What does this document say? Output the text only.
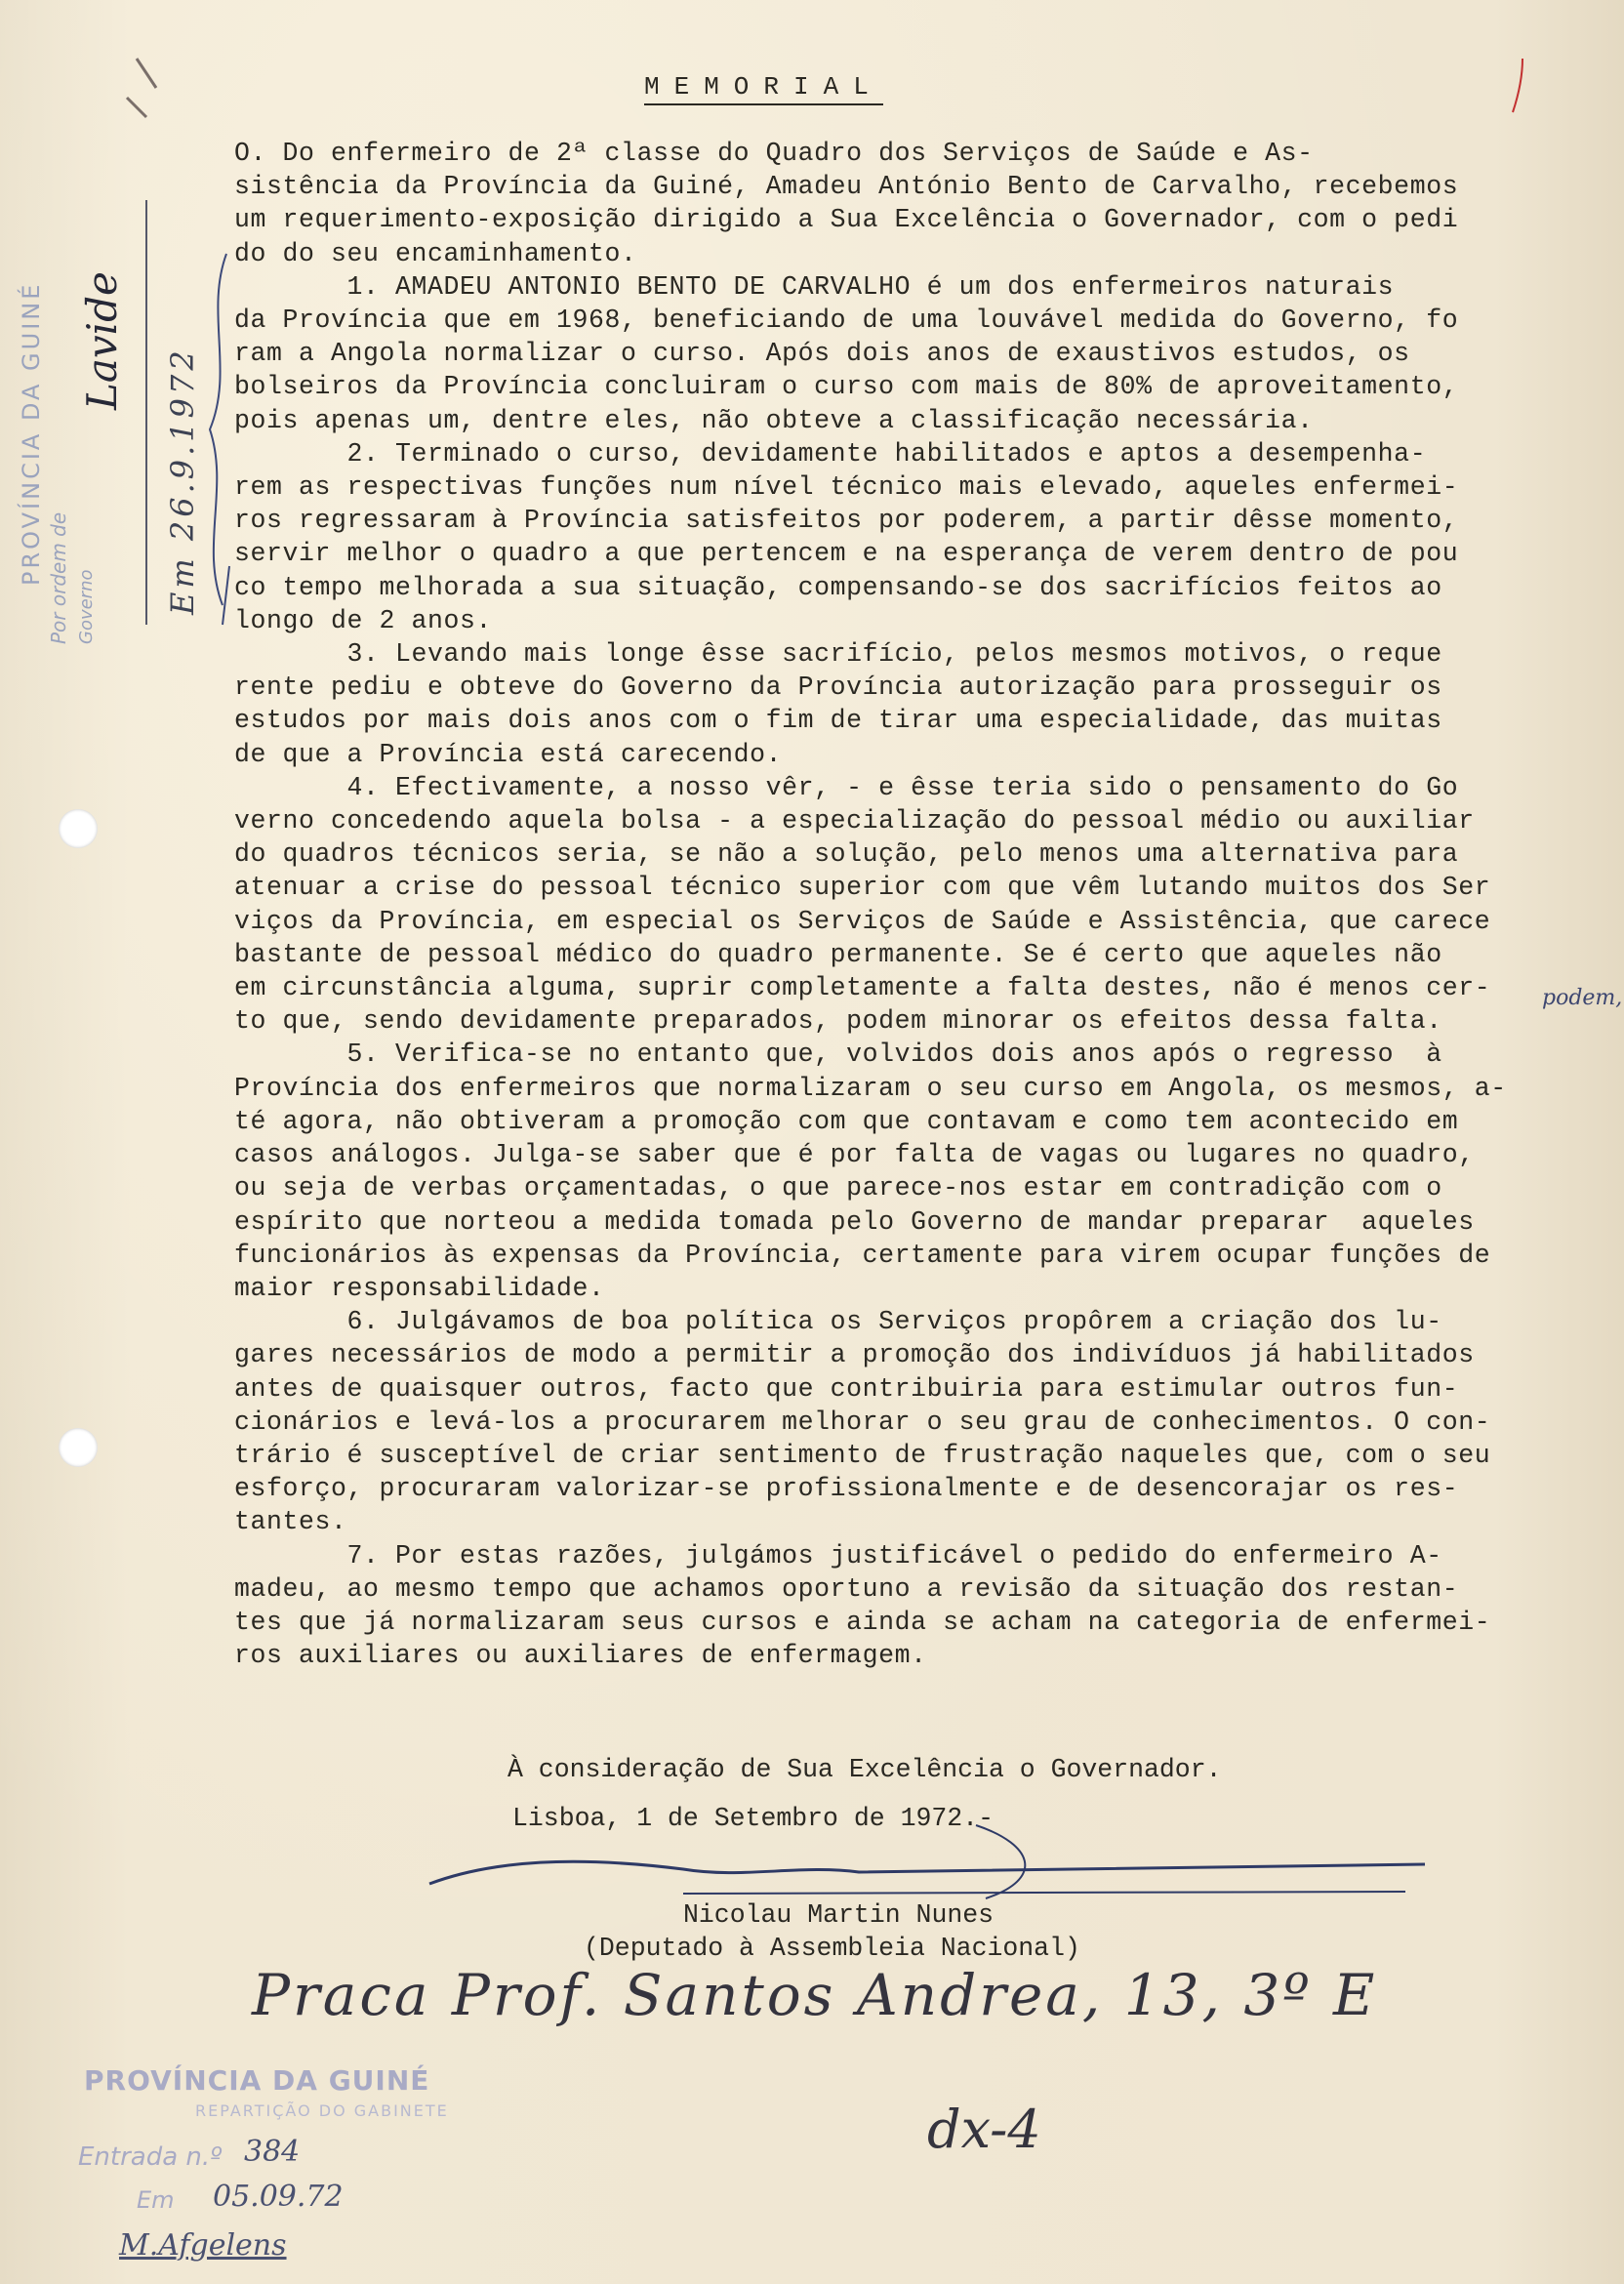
PROVÍNCIA DA GUINÉ Por ordem de Governo
Lavide
Em 26.9.1972
MEMORIAL
O. Do enfermeiro de 2ª classe do Quadro dos Serviços de Saúde e As-
sistência da Província da Guiné, Amadeu António Bento de Carvalho, recebemos
um requerimento-exposição dirigido a Sua Excelência o Governador, com o pedi
do do seu encaminhamento.
1. AMADEU ANTONIO BENTO DE CARVALHO é um dos enfermeiros naturais
da Província que em 1968, beneficiando de uma louvável medida do Governo, fo
ram a Angola normalizar o curso. Após dois anos de exaustivos estudos, os
bolseiros da Província concluiram o curso com mais de 80% de aproveitamento,
pois apenas um, dentre eles, não obteve a classificação necessária.
2. Terminado o curso, devidamente habilitados e aptos a desempenha-
rem as respectivas funções num nível técnico mais elevado, aqueles enfermei-
ros regressaram à Província satisfeitos por poderem, a partir dêsse momento,
servir melhor o quadro a que pertencem e na esperança de verem dentro de pou
co tempo melhorada a sua situação, compensando-se dos sacrifícios feitos ao
longo de 2 anos.
3. Levando mais longe êsse sacrifício, pelos mesmos motivos, o reque
rente pediu e obteve do Governo da Província autorização para prosseguir os
estudos por mais dois anos com o fim de tirar uma especialidade, das muitas
de que a Província está carecendo.
4. Efectivamente, a nosso vêr, - e êsse teria sido o pensamento do Go
verno concedendo aquela bolsa - a especialização do pessoal médio ou auxiliar
do quadros técnicos seria, se não a solução, pelo menos uma alternativa para
atenuar a crise do pessoal técnico superior com que vêm lutando muitos dos Ser
viços da Província, em especial os Serviços de Saúde e Assistência, que carece
bastante de pessoal médico do quadro permanente. Se é certo que aqueles não
em circunstância alguma, suprir completamente a falta destes, não é menos cer-
to que, sendo devidamente preparados, podem minorar os efeitos dessa falta.
5. Verifica-se no entanto que, volvidos dois anos após o regresso  à
Província dos enfermeiros que normalizaram o seu curso em Angola, os mesmos, a-
té agora, não obtiveram a promoção com que contavam e como tem acontecido em
casos análogos. Julga-se saber que é por falta de vagas ou lugares no quadro,
ou seja de verbas orçamentadas, o que parece-nos estar em contradição com o
espírito que norteou a medida tomada pelo Governo de mandar preparar  aqueles
funcionários às expensas da Província, certamente para virem ocupar funções de
maior responsabilidade.
6. Julgávamos de boa política os Serviços propôrem a criação dos lu-
gares necessários de modo a permitir a promoção dos indivíduos já habilitados
antes de quaisquer outros, facto que contribuiria para estimular outros fun-
cionários e levá-los a procurarem melhorar o seu grau de conhecimentos. O con-
trário é susceptível de criar sentimento de frustração naqueles que, com o seu
esforço, procuraram valorizar-se profissionalmente e de desencorajar os res-
tantes.
7. Por estas razões, julgámos justificável o pedido do enfermeiro A-
madeu, ao mesmo tempo que achamos oportuno a revisão da situação dos restan-
tes que já normalizaram seus cursos e ainda se acham na categoria de enfermei-
ros auxiliares ou auxiliares de enfermagem.
podem,
À consideração de Sua Excelência o Governador.
Lisboa, 1 de Setembro de 1972.-
Nicolau Martin Nunes
(Deputado à Assembleia Nacional)
Praca Prof. Santos Andrea, 13, 3º E
dx-4
PROVÍNCIA DA GUINÉ
REPARTIÇÃO DO GABINETE
Entrada n.º 384
Em 05.09.72
M.Afgelens
